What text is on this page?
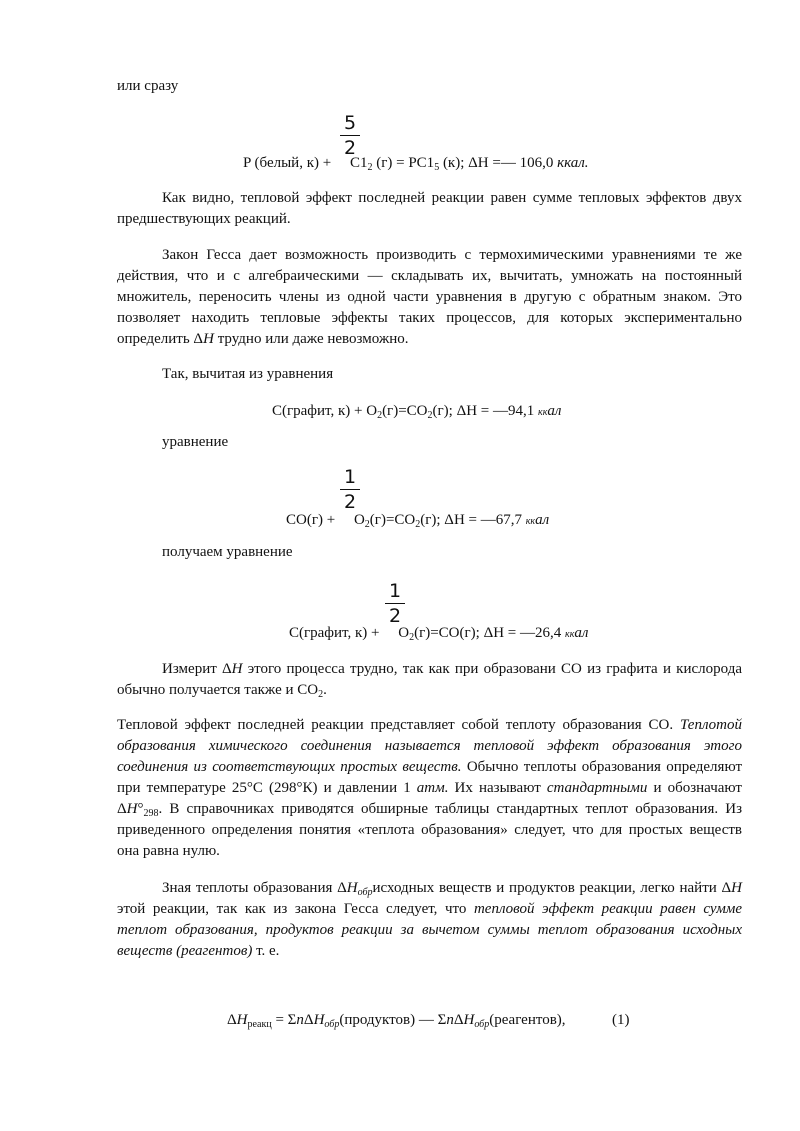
или сразу
5
2
P (белый, $к) + C1_2$ $(г) = PC1_5$ (к); ΔH =— 106,0 ккал.
Как видно, тепловой эффект последней реакции равен сумме тепловых эффектов двух предшествующих реакций.
Закон Гесса дает возможность производить с термохимическими уравнениями те же действия, что и с алгебраическими — складывать их, вычитать, умножать на постоянный множитель, переносить члены из одной части уравнения в другую с обратным знаком. Это позволяет находить тепловые эффекты таких процессов, для которых экспериментально определить ΔH трудно или даже невозможно.
Так, вычитая из уравнения
С(графит, $к) + O_2(г)=CO_2(г)$; ΔH = —94,1 ккал
уравнение
1
2
$CO(г) + O_2(г)=CO_2(г)$; ΔH = —67,7 ккал
получаем уравнение
1
2
С(графит, $к) + O_2(г)=CO(г)$; ΔH = —26,4 ккал
Измерит ΔH этого процесса трудно, так как при образовани CO из графита и кислорода обычно получается также и $CO_2$.
Тепловой эффект последней реакции представляет собой теплоту образования CO. Теплотой образования химического соединения называется тепловой эффект образования этого соединения из соответствующих простых веществ. Обычно теплоты образования определяют при температуре 25°С (298°К) и давлении 1 атм. Их называют стандартными и обозначают $\Delta H^\circ_{298}$. В справочниках приводятся обширные таблицы стандартных теплот образования. Из приведенного определения понятия «теплота образования» следует, что для простых веществ она равна нулю.
Зная теплоты образования $\Delta H_{обр}исходных$ веществ и продуктов реакции, легко найти ΔH этой реакции, так как из закона Гесса следует, что тепловой эффект реакции равен сумме теплот образования, продуктов реакции за вычетом суммы теплот образования исходных веществ (реагентов) т. е.
$\Delta H_{реакц}$ = ΣnΔH$_{обр}$(продуктов) — ΣnΔH$_{обр}$(реагентов),	(1)
